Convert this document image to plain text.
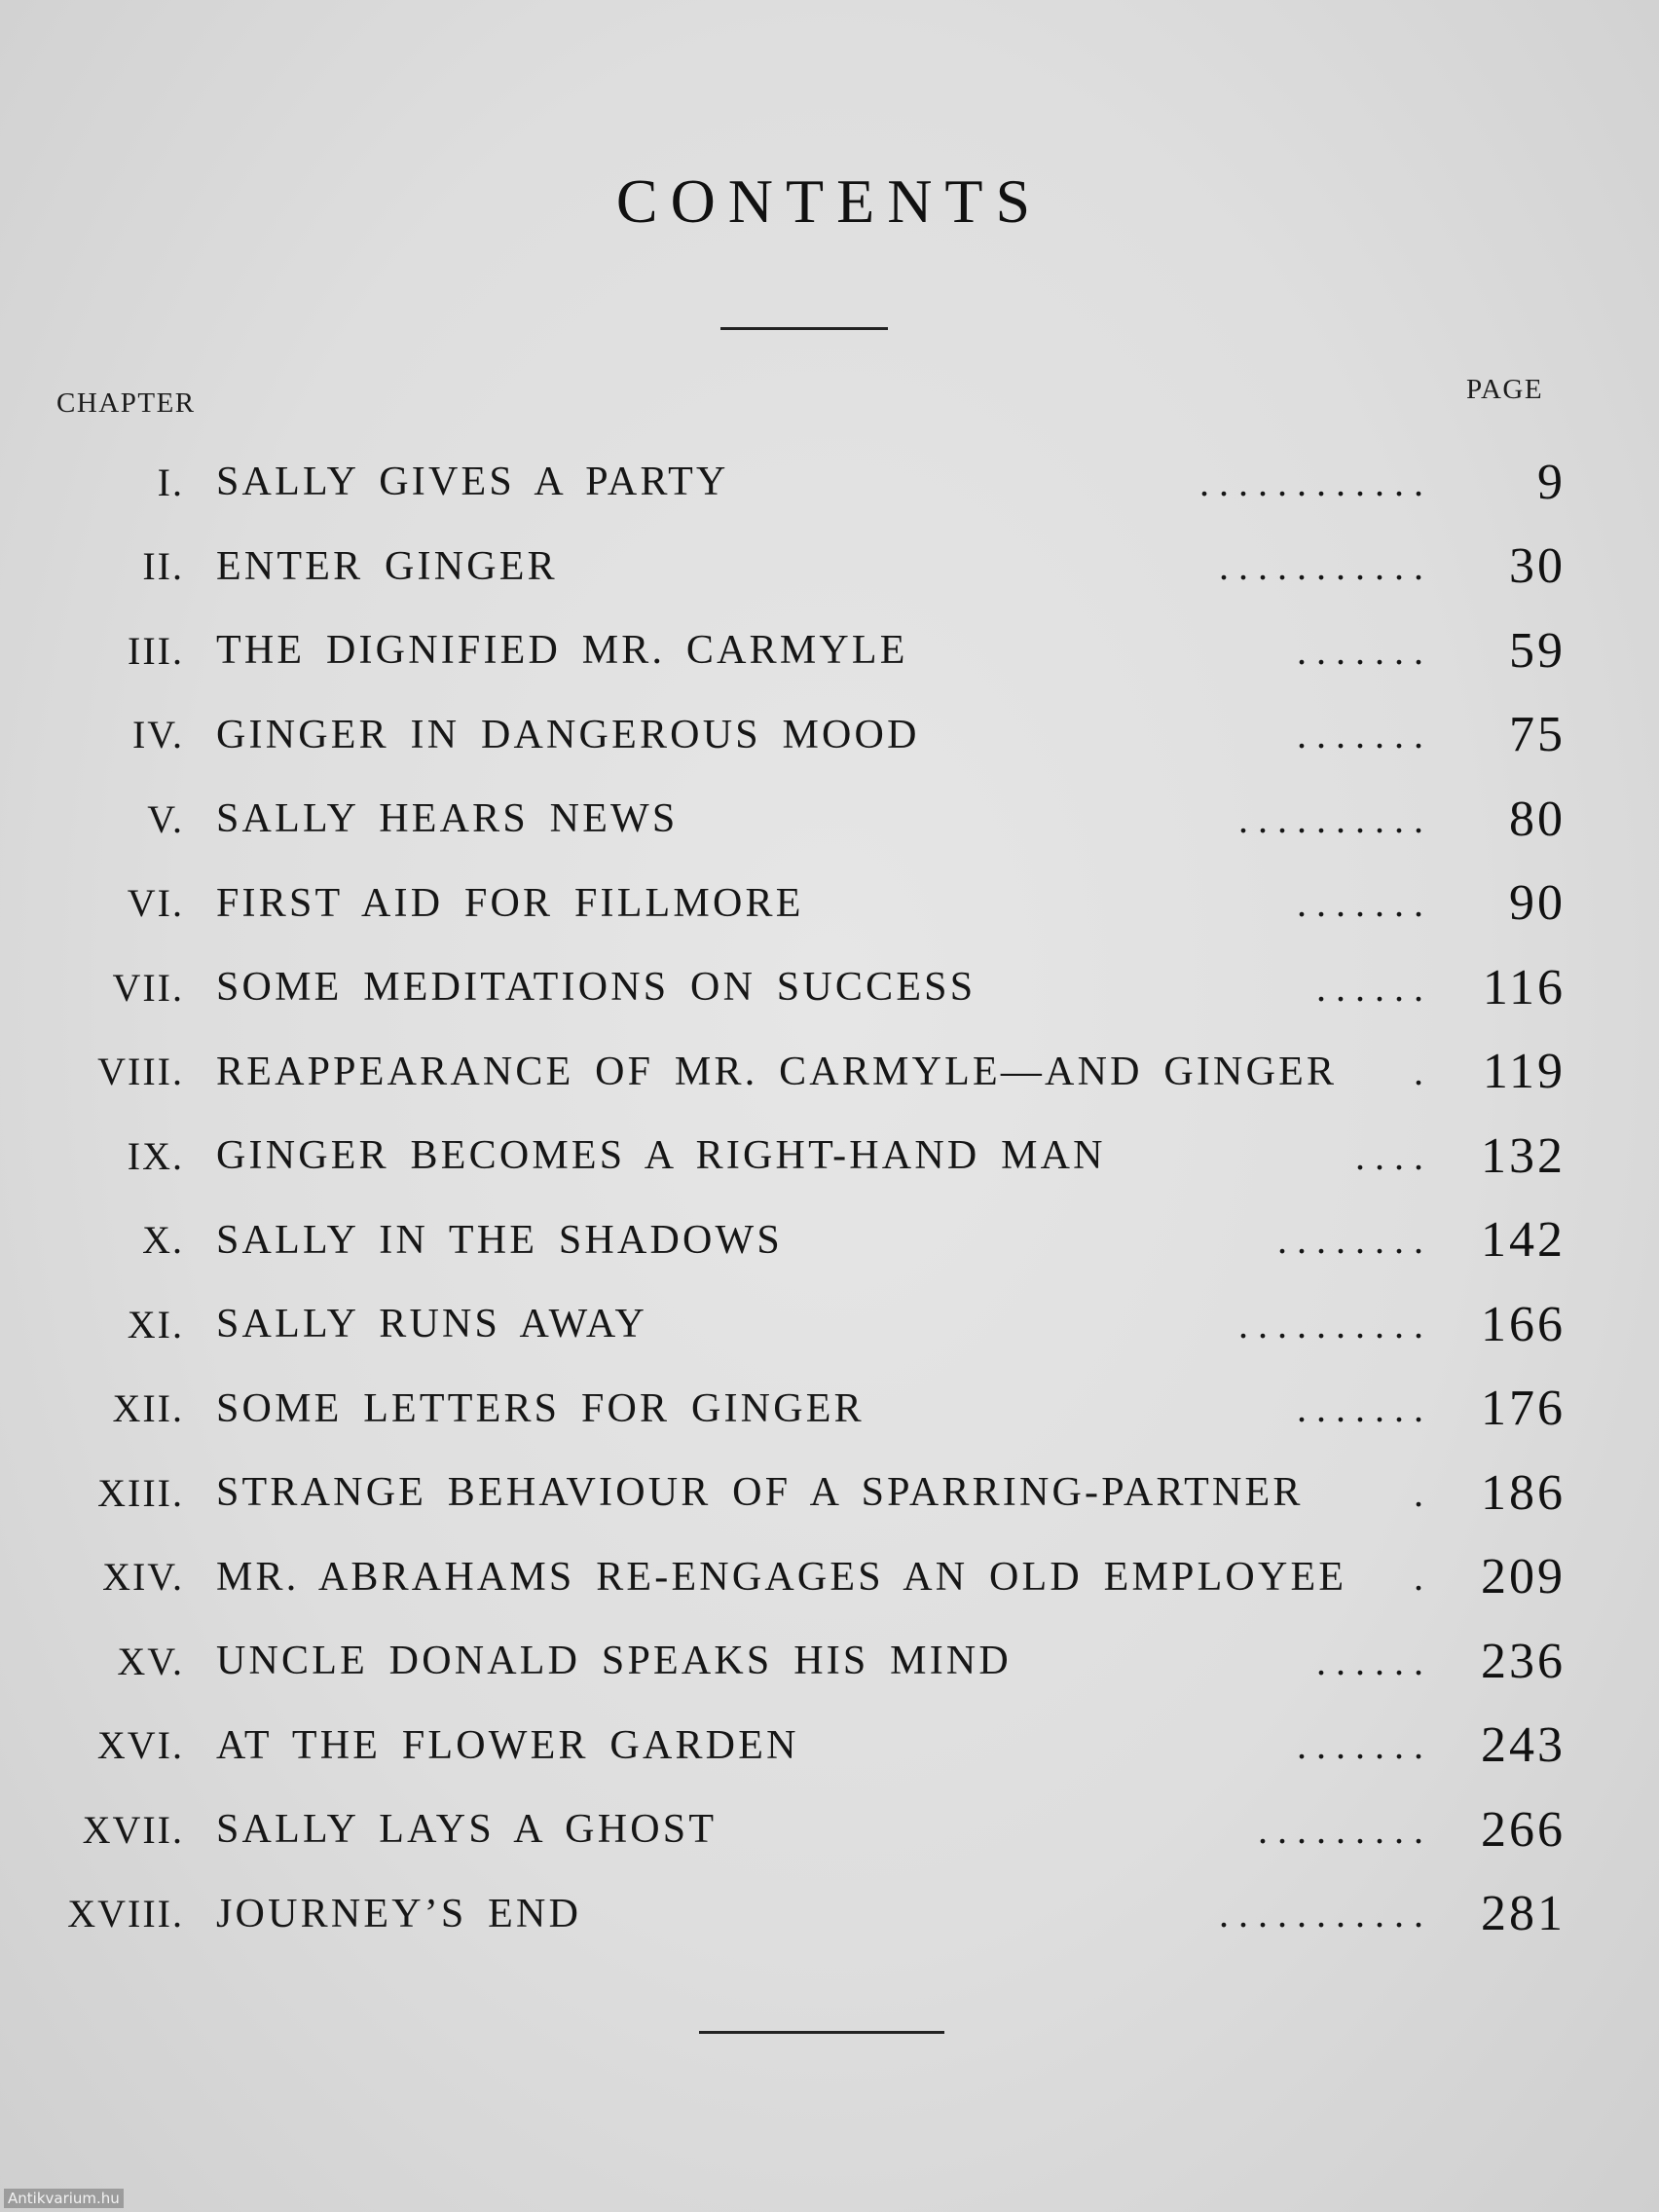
CONTENTS
CHAPTER	PAGE
I. SALLY GIVES A PARTY	. . . . . . . . . . . . 9
II. ENTER GINGER	. . . . . . . . . . . 30
III. THE DIGNIFIED MR. CARMYLE	. . . . . . . 59
IV. GINGER IN DANGEROUS MOOD	. . . . . . . 75
V. SALLY HEARS NEWS	. . . . . . . . . . 80
VI. FIRST AID FOR FILLMORE	. . . . . . . 90
VII. SOME MEDITATIONS ON SUCCESS	. . . . . . 116
VIII. REAPPEARANCE OF MR. CARMYLE—AND GINGER . 119
IX. GINGER BECOMES A RIGHT-HAND MAN	. . . . 132
X. SALLY IN THE SHADOWS	. . . . . . . . 142
XI. SALLY RUNS AWAY	. . . . . . . . . . 166
XII. SOME LETTERS FOR GINGER	. . . . . . . 176
XIII. STRANGE BEHAVIOUR OF A SPARRING-PARTNER	. 186
XIV. MR. ABRAHAMS RE-ENGAGES AN OLD EMPLOYEE . 209
XV. UNCLE DONALD SPEAKS HIS MIND	. . . . . . 236
XVI. AT THE FLOWER GARDEN	. . . . . . . 243
XVII. SALLY LAYS A GHOST	. . . . . . . . . 266
XVIII. JOURNEY’S END	. . . . . . . . . . . 281
Antikvarium.hu
